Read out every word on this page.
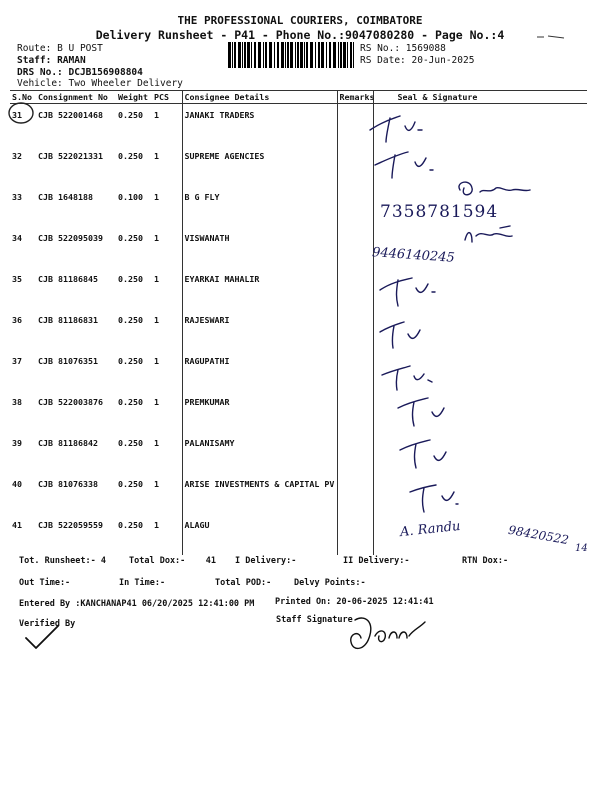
THE PROFESSIONAL COURIERS, COIMBATORE
Delivery Runsheet - P41 - Phone No.:9047080280 - Page No.:4
Route: B U POST
Staff: RAMAN
DRS No.: DCJB156908804
Vehicle: Two Wheeler Delivery
RS No.: 1569088
RS Date: 20-Jun-2025
S.No	Consignment No	Weight	PCS	Consignee Details	Remarks	Seal & Signature
31	CJB 522001468	0.250	1	JANAKI TRADERS		
32	CJB 522021331	0.250	1	SUPREME AGENCIES		
33	CJB 1648188	0.100	1	B G FLY		
34	CJB 522095039	0.250	1	VISWANATH		
35	CJB 81186845	0.250	1	EYARKAI MAHALIR		
36	CJB 81186831	0.250	1	RAJESWARI		
37	CJB 81076351	0.250	1	RAGUPATHI		
38	CJB 522003876	0.250	1	PREMKUMAR		
39	CJB 81186842	0.250	1	PALANISAMY		
40	CJB 81076338	0.250	1	ARISE INVESTMENTS & CAPITAL PV		
41	CJB 522059559	0.250	1	ALAGU		
7358781594
9446140245
A. Randu	98420522
14
Tot. Runsheet:- 4	Total Dox:- 41 I Delivery:-	II Delivery:-	RTN Dox:-
Out Time:-	In Time:-	Total POD:-	Delvy Points:-
Entered By :KANCHANAP41 06/20/2025 12:41:00 PM Printed On: 20-06-2025 12:41:41
Verified By	Staff Signature
